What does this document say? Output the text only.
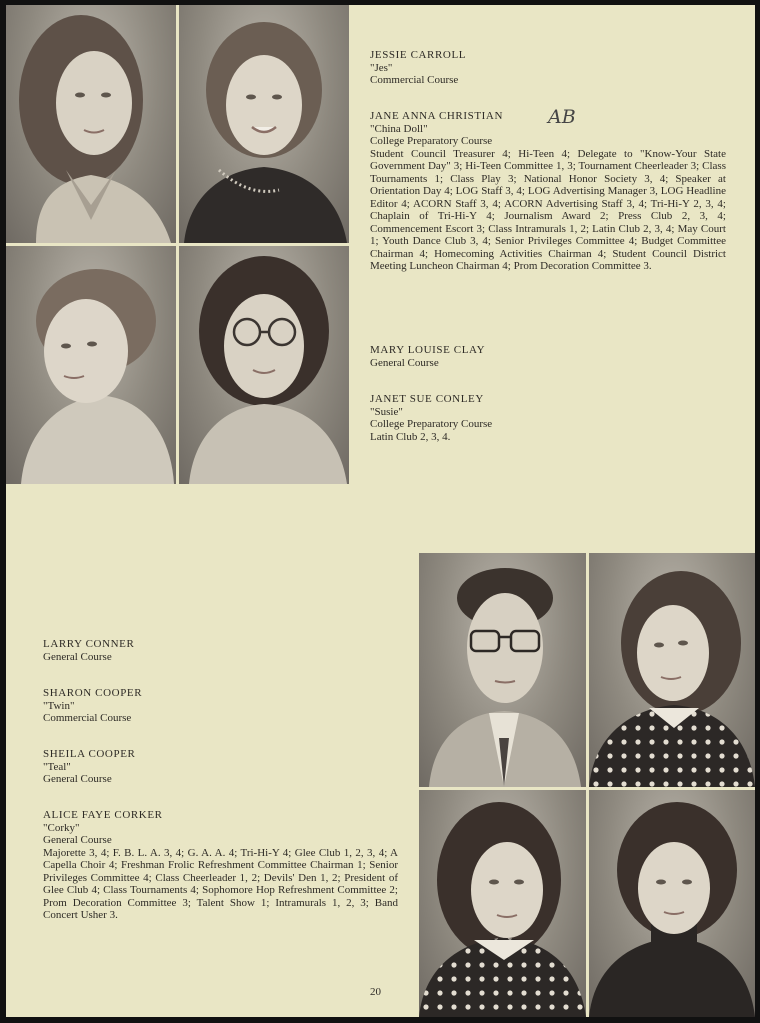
JESSIE CARROLL
"Jes"
Commercial Course
JANE ANNA CHRISTIAN
"China Doll"
College Preparatory Course
Student Council Treasurer 4; Hi-Teen 4; Delegate to "Know-Your State Government Day" 3; Hi-Teen Committee 1, 3; Tournament Cheerleader 3; Class Tournaments 1; Class Play 3; National Honor Society 3, 4; Speaker at Orientation Day 4; LOG Staff 3, 4; LOG Advertising Manager 3, LOG Headline Editor 4; ACORN Staff 3, 4; ACORN Advertising Staff 3, 4; Tri-Hi-Y 2, 3, 4; Chaplain of Tri-Hi-Y 4; Journalism Award 2; Press Club 2, 3, 4; Commencement Escort 3; Class Intramurals 1, 2; Latin Club 2, 3, 4; May Court 1; Youth Dance Club 3, 4; Senior Privileges Committee 4; Budget Committee Chairman 4; Homecoming Activities Chairman 4; Student Council District Meeting Luncheon Chairman 4; Prom Decoration Committee 3.
AB
MARY LOUISE CLAY
General Course
JANET SUE CONLEY
"Susie"
College Preparatory Course
Latin Club 2, 3, 4.
LARRY CONNER
General Course
SHARON COOPER
"Twin"
Commercial Course
SHEILA COOPER
"Teal"
General Course
ALICE FAYE CORKER
"Corky"
General Course
Majorette 3, 4; F. B. L. A. 3, 4; G. A. A. 4; Tri-Hi-Y 4; Glee Club 1, 2, 3, 4; A Capella Choir 4; Freshman Frolic Refreshment Committee Chairman 1; Senior Privileges Committee 4; Class Cheerleader 1, 2; Devils' Den 1, 2; President of Glee Club 4; Class Tournaments 4; Sophomore Hop Refreshment Committee 2; Prom Decoration Committee 3; Talent Show 1; Intramurals 1, 2, 3; Band Concert Usher 3.
20
